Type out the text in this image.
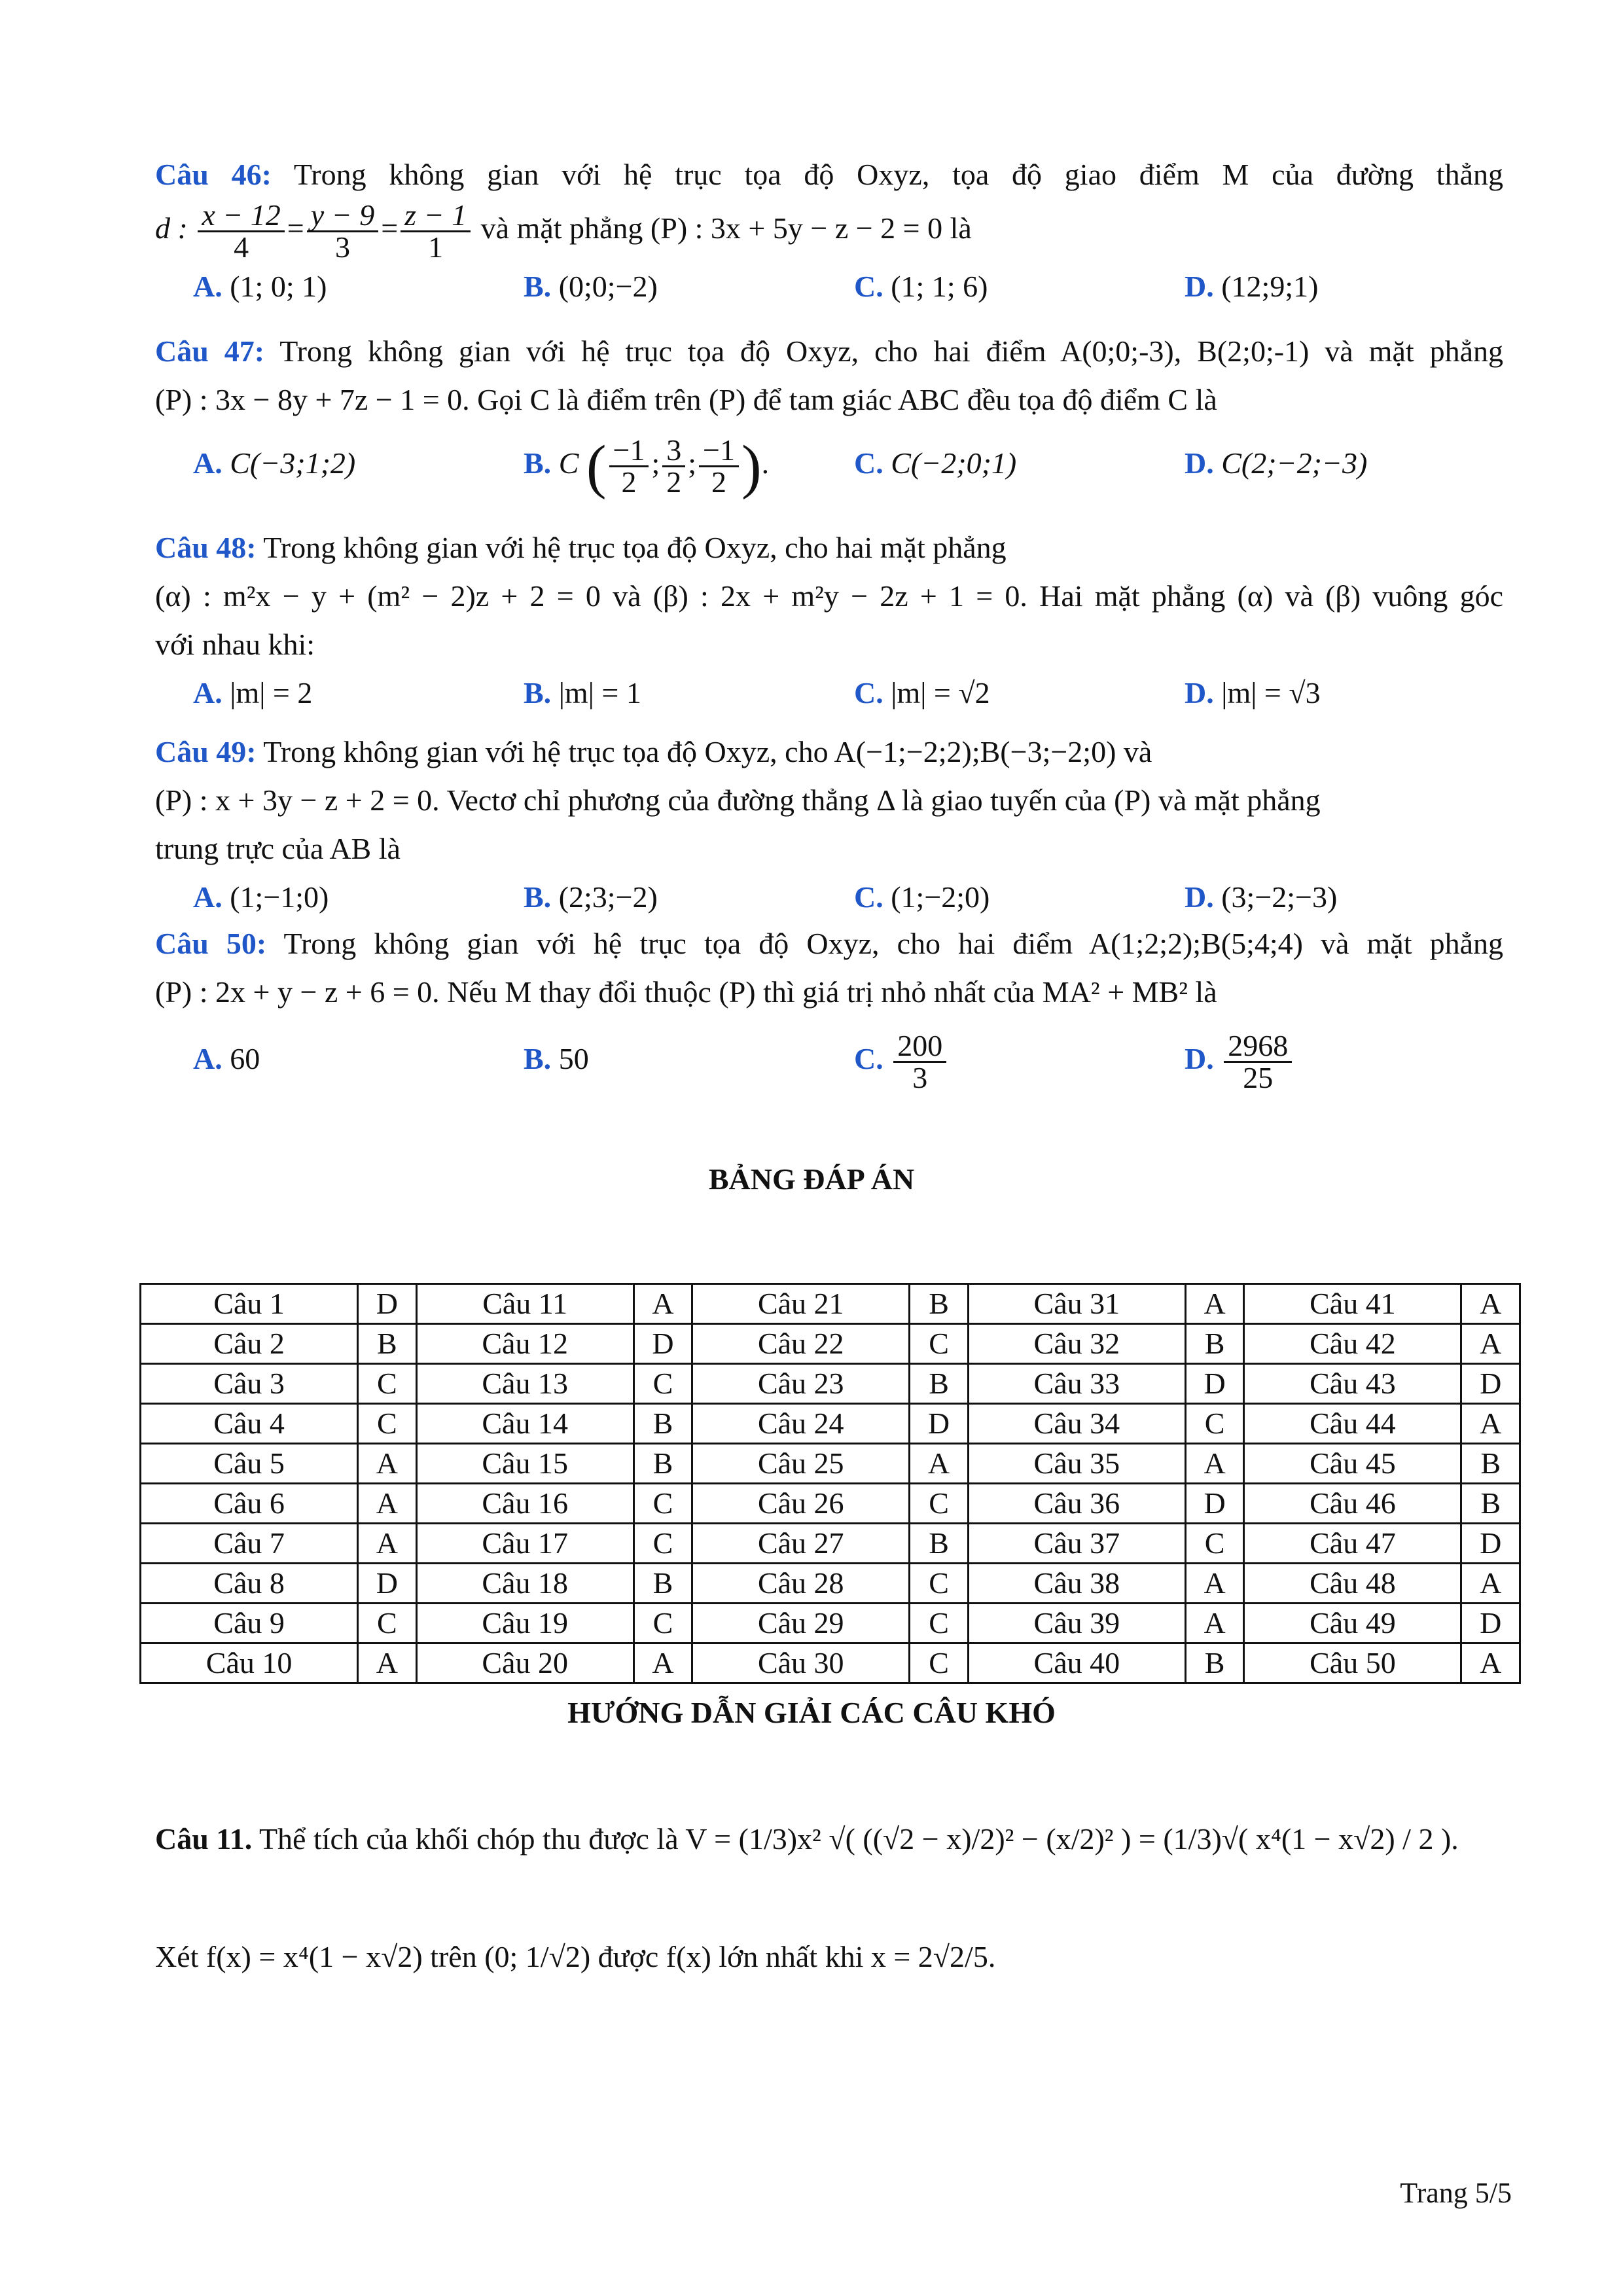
Câu 46: Trong không gian với hệ trục tọa độ Oxyz, tọa độ giao điểm M của đường thẳng
d : $\frac{x - 12}{4} = \frac{y - 9}{3} = \frac{z - 1}{1}$ và mặt phẳng (P) : 3x + 5y − z − 2 = 0 là
A. (1; 0; 1)	B. (0;0;−2)	C. (1; 1; 6)	D. (12;9;1)
Câu 47: Trong không gian với hệ trục tọa độ Oxyz, cho hai điểm A(0;0;-3), B(2;0;-1) và mặt phẳng
(P) : 3x − 8y + 7z − 1 = 0. Gọi C là điểm trên (P) để tam giác ABC đều tọa độ điểm C là
A. C(−3;1;2)	B. C ( $\frac{-1}{2}$ ; $\frac{3}{2}$ ; $\frac{-1}{2}$ ).	C. C(−2;0;1)	D. C(2;−2;−3)
Câu 48: Trong không gian với hệ trục tọa độ Oxyz, cho hai mặt phẳng
(α) : m²x − y + (m² − 2)z + 2 = 0 và (β) : 2x + m²y − 2z + 1 = 0. Hai mặt phẳng (α) và (β) vuông góc
với nhau khi:
A. |m| = 2	B. |m| = 1	C. |m| = √2	D. |m| = √3
Câu 49: Trong không gian với hệ trục tọa độ Oxyz, cho A(−1;−2;2);B(−3;−2;0) và
(P) : x + 3y − z + 2 = 0. Vectơ chỉ phương của đường thẳng Δ là giao tuyến của (P) và mặt phẳng
trung trực của AB là
A. (1;−1;0)	B. (2;3;−2)	C. (1;−2;0)	D. (3;−2;−3)
Câu 50: Trong không gian với hệ trục tọa độ Oxyz, cho hai điểm A(1;2;2);B(5;4;4) và mặt phẳng
(P) : 2x + y − z + 6 = 0. Nếu M thay đổi thuộc (P) thì giá trị nhỏ nhất của MA² + MB² là
A. 60	B. 50	C. $\frac{200}{3}$	D. $\frac{2968}{25}$
BẢNG ĐÁP ÁN
Câu 1	D	Câu 11	A	Câu 21	B	Câu 31	A	Câu 41	A
Câu 2	B	Câu 12	D	Câu 22	C	Câu 32	B	Câu 42	A
Câu 3	C	Câu 13	C	Câu 23	B	Câu 33	D	Câu 43	D
Câu 4	C	Câu 14	B	Câu 24	D	Câu 34	C	Câu 44	A
Câu 5	A	Câu 15	B	Câu 25	A	Câu 35	A	Câu 45	B
Câu 6	A	Câu 16	C	Câu 26	C	Câu 36	D	Câu 46	B
Câu 7	A	Câu 17	C	Câu 27	B	Câu 37	C	Câu 47	D
Câu 8	D	Câu 18	B	Câu 28	C	Câu 38	A	Câu 48	A
Câu 9	C	Câu 19	C	Câu 29	C	Câu 39	A	Câu 49	D
Câu 10	A	Câu 20	A	Câu 30	C	Câu 40	B	Câu 50	A
HƯỚNG DẪN GIẢI CÁC CÂU KHÓ
Câu 11. Thể tích của khối chóp thu được là V = (1/3)x² √( ((√2 − x)/2)² − (x/2)² ) = (1/3)√( x⁴(1 − x√2) / 2 ).
Xét f(x) = x⁴(1 − x√2) trên (0; 1/√2) được f(x) lớn nhất khi x = 2√2/5.
Trang 5/5
